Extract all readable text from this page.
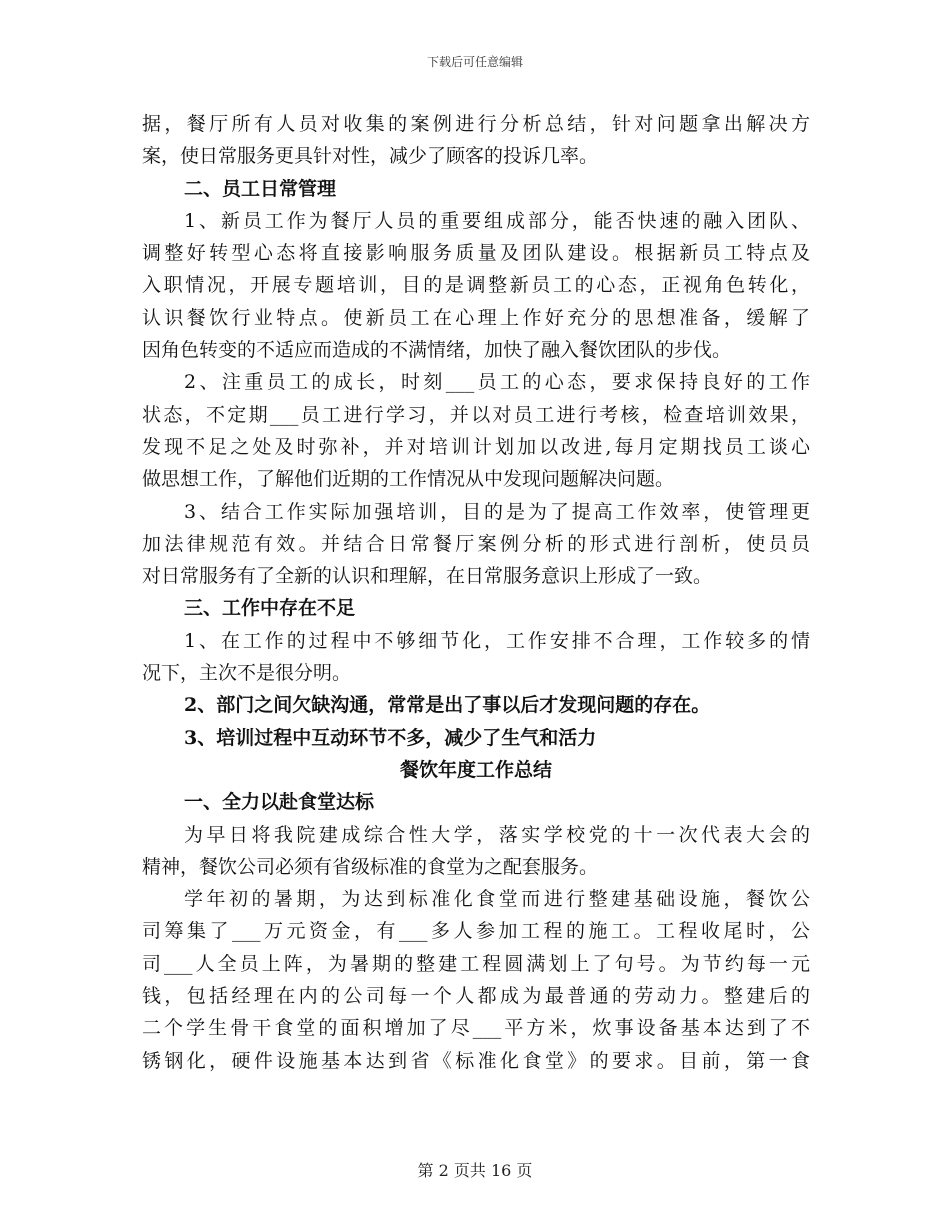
下载后可任意编辑
据，餐厅所有人员对收集的案例进行分析总结，针对问题拿出解决方
案，使日常服务更具针对性，减少了顾客的投诉几率。
二、员工日常管理
1、新员工作为餐厅人员的重要组成部分，能否快速的融入团队、
调整好转型心态将直接影响服务质量及团队建设。根据新员工特点及
入职情况，开展专题培训，目的是调整新员工的心态，正视角色转化，
认识餐饮行业特点。使新员工在心理上作好充分的思想准备，缓解了
因角色转变的不适应而造成的不满情绪，加快了融入餐饮团队的步伐。
2、注重员工的成长，时刻___员工的心态，要求保持良好的工作
状态，不定期___员工进行学习，并以对员工进行考核，检查培训效果，
发现不足之处及时弥补，并对培训计划加以改进,每月定期找员工谈心
做思想工作，了解他们近期的工作情况从中发现问题解决问题。
3、结合工作实际加强培训，目的是为了提高工作效率，使管理更
加法律规范有效。并结合日常餐厅案例分析的形式进行剖析，使员员
对日常服务有了全新的认识和理解，在日常服务意识上形成了一致。
三、工作中存在不足
1、在工作的过程中不够细节化，工作安排不合理，工作较多的情
况下，主次不是很分明。
2、部门之间欠缺沟通，常常是出了事以后才发现问题的存在。
3、培训过程中互动环节不多，减少了生气和活力
餐饮年度工作总结
一、全力以赴食堂达标
为早日将我院建成综合性大学，落实学校党的十一次代表大会的
精神，餐饮公司必须有省级标准的食堂为之配套服务。
学年初的暑期，为达到标准化食堂而进行整建基础设施，餐饮公
司筹集了___万元资金，有___多人参加工程的施工。工程收尾时，公
司___人全员上阵，为暑期的整建工程圆满划上了句号。为节约每一元
钱，包括经理在内的公司每一个人都成为最普通的劳动力。整建后的
二个学生骨干食堂的面积增加了尽___平方米，炊事设备基本达到了不
锈钢化，硬件设施基本达到省《标准化食堂》的要求。目前，第一食
第 2 页共 16 页
